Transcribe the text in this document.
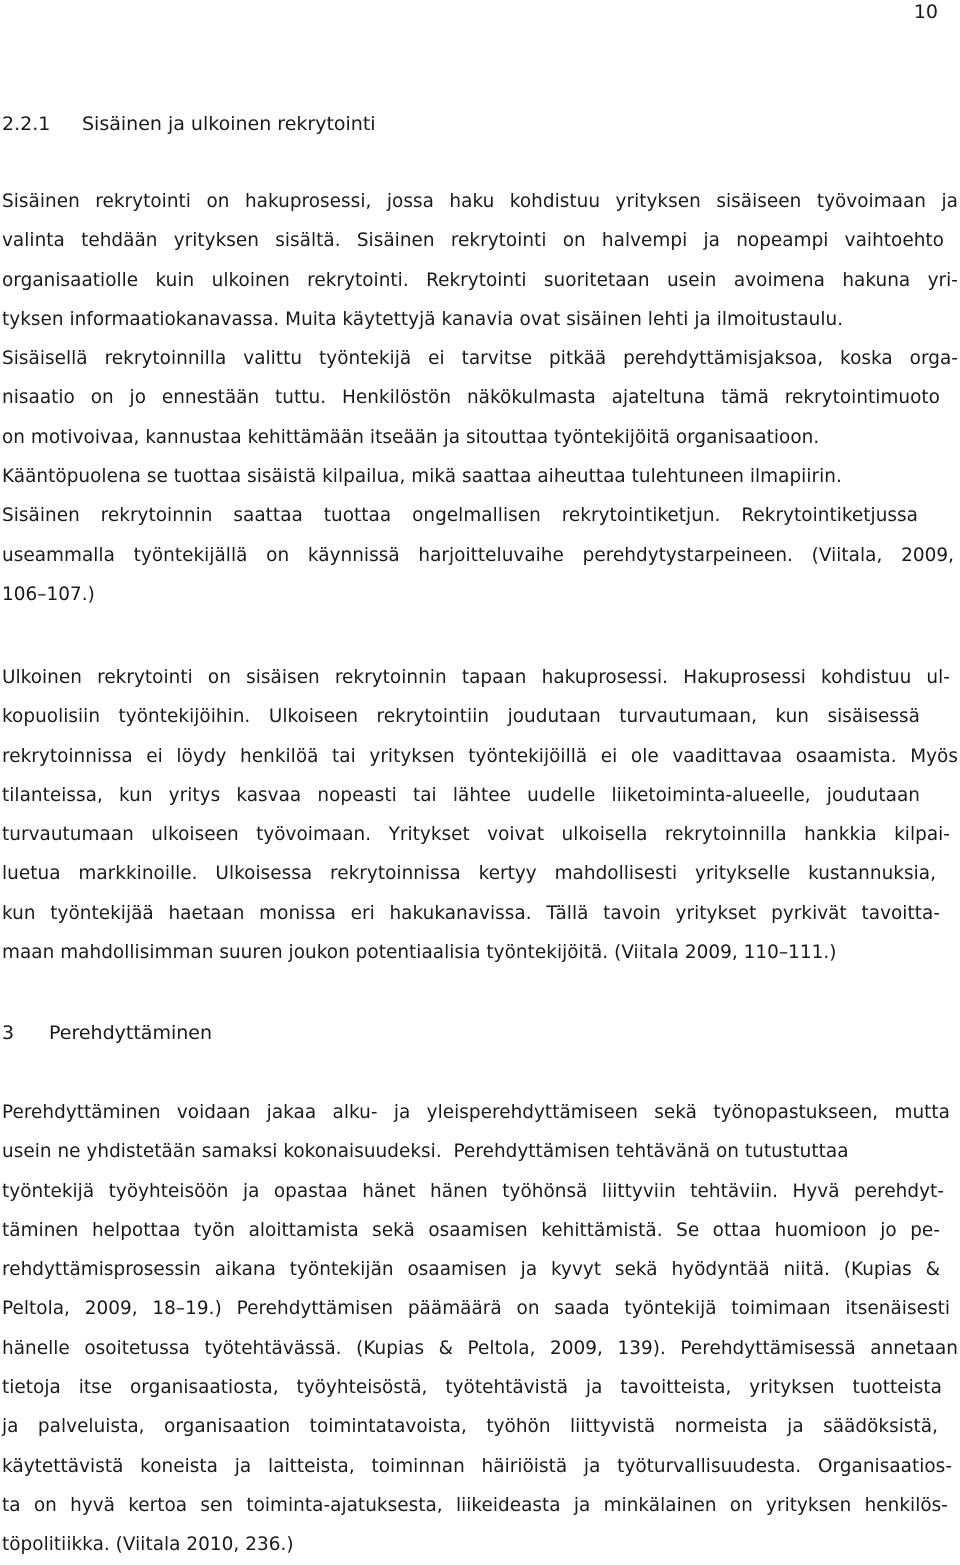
10
2.2.1 Sisäinen ja ulkoinen rekrytointi
Sisäinen rekrytointi on hakuprosessi, jossa haku kohdistuu yrityksen sisäiseen työvoimaan ja
valinta tehdään yrityksen sisältä. Sisäinen rekrytointi on halvempi ja nopeampi vaihtoehto
organisaatiolle kuin ulkoinen rekrytointi. Rekrytointi suoritetaan usein avoimena hakuna yri-
tyksen informaatiokanavassa. Muita käytettyjä kanavia ovat sisäinen lehti ja ilmoitustaulu.
Sisäisellä rekrytoinnilla valittu työntekijä ei tarvitse pitkää perehdyttämisjaksoa, koska orga-
nisaatio on jo ennestään tuttu. Henkilöstön näkökulmasta ajateltuna tämä rekrytointimuoto
on motivoivaa, kannustaa kehittämään itseään ja sitouttaa työntekijöitä organisaatioon.
Kääntöpuolena se tuottaa sisäistä kilpailua, mikä saattaa aiheuttaa tulehtuneen ilmapiirin.
Sisäinen rekrytoinnin saattaa tuottaa ongelmallisen rekrytointiketjun. Rekrytointiketjussa
useammalla työntekijällä on käynnissä harjoitteluvaihe perehdytystarpeineen. (Viitala, 2009,
106–107.)
Ulkoinen rekrytointi on sisäisen rekrytoinnin tapaan hakuprosessi. Hakuprosessi kohdistuu ul-
kopuolisiin työntekijöihin. Ulkoiseen rekrytointiin joudutaan turvautumaan, kun sisäisessä
rekrytoinnissa ei löydy henkilöä tai yrityksen työntekijöillä ei ole vaadittavaa osaamista. Myös
tilanteissa, kun yritys kasvaa nopeasti tai lähtee uudelle liiketoiminta-alueelle, joudutaan
turvautumaan ulkoiseen työvoimaan. Yritykset voivat ulkoisella rekrytoinnilla hankkia kilpai-
luetua markkinoille. Ulkoisessa rekrytoinnissa kertyy mahdollisesti yritykselle kustannuksia,
kun työntekijää haetaan monissa eri hakukanavissa. Tällä tavoin yritykset pyrkivät tavoitta-
maan mahdollisimman suuren joukon potentiaalisia työntekijöitä. (Viitala 2009, 110–111.)
3 Perehdyttäminen
Perehdyttäminen voidaan jakaa alku- ja yleisperehdyttämiseen sekä työnopastukseen, mutta
usein ne yhdistetään samaksi kokonaisuudeksi.  Perehdyttämisen tehtävänä on tutustuttaa
työntekijä työyhteisöön ja opastaa hänet hänen työhönsä liittyviin tehtäviin. Hyvä perehdyt-
täminen helpottaa työn aloittamista sekä osaamisen kehittämistä. Se ottaa huomioon jo pe-
rehdyttämisprosessin aikana työntekijän osaamisen ja kyvyt sekä hyödyntää niitä. (Kupias &
Peltola, 2009, 18–19.) Perehdyttämisen päämäärä on saada työntekijä toimimaan itsenäisesti
hänelle osoitetussa työtehtävässä. (Kupias & Peltola, 2009, 139). Perehdyttämisessä annetaan
tietoja itse organisaatiosta, työyhteisöstä, työtehtävistä ja tavoitteista, yrityksen tuotteista
ja palveluista, organisaation toimintatavoista, työhön liittyvistä normeista ja säädöksistä,
käytettävistä koneista ja laitteista, toiminnan häiriöistä ja työturvallisuudesta. Organisaatios-
ta on hyvä kertoa sen toiminta-ajatuksesta, liikeideasta ja minkälainen on yrityksen henkilös-
töpolitiikka. (Viitala 2010, 236.)
